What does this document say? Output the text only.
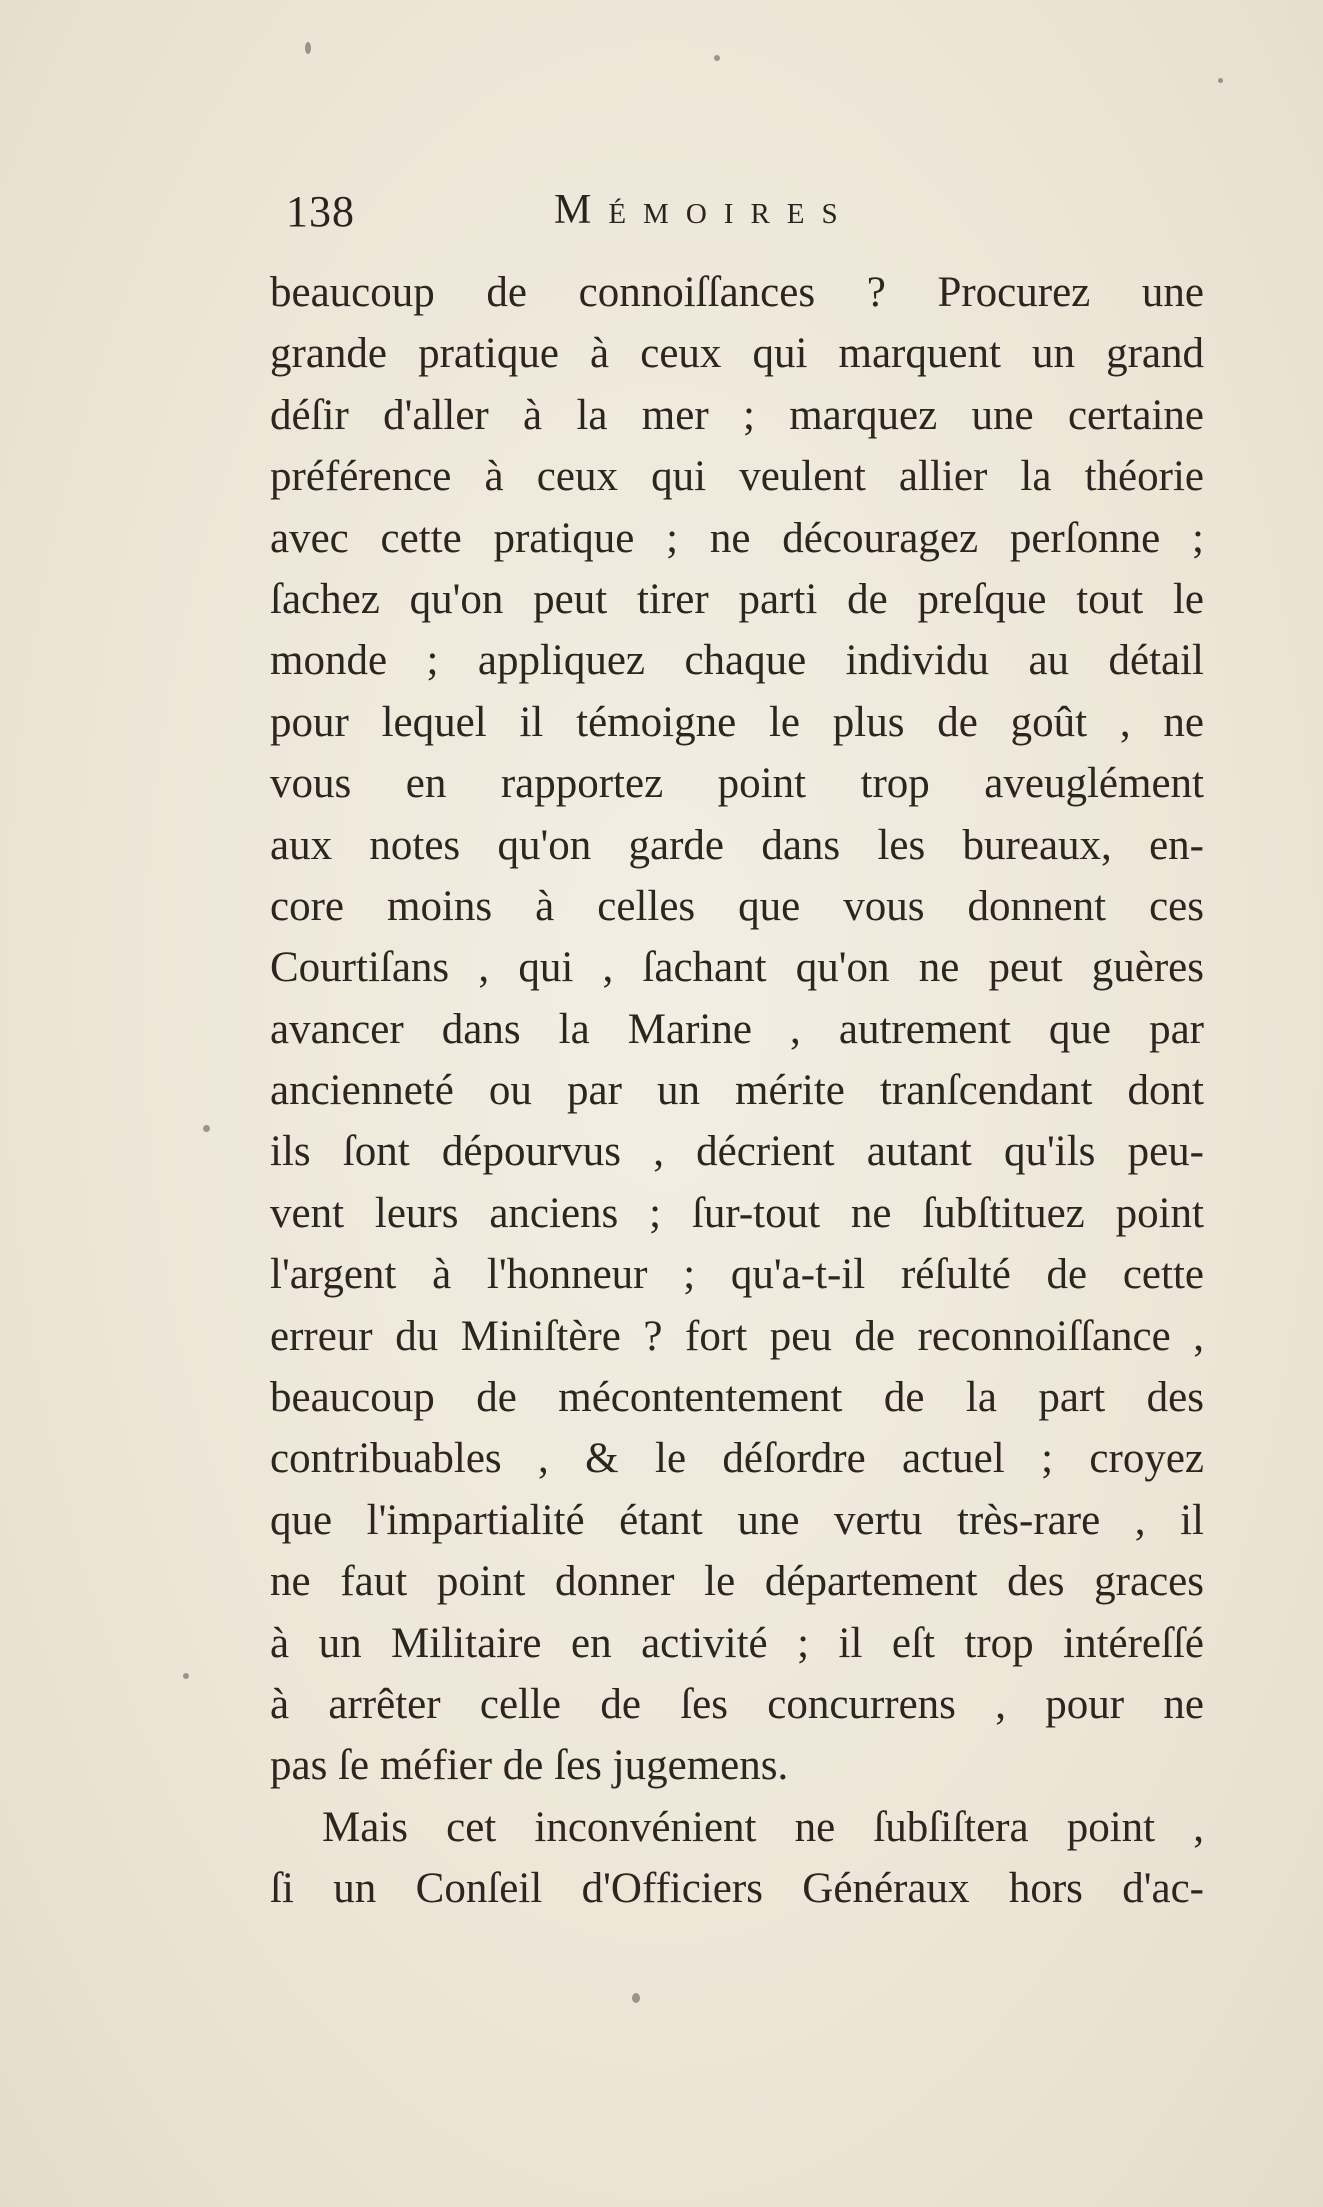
138	Mémoires
beaucoup de connoiſſances ? Procurez une
grande pratique à ceux qui marquent un grand
déſir d'aller à la mer ; marquez une certaine
préférence à ceux qui veulent allier la théorie
avec cette pratique ; ne découragez perſonne ;
ſachez qu'on peut tirer parti de preſque tout le
monde ; appliquez chaque individu au détail
pour lequel il témoigne le plus de goût , ne
vous en rapportez point trop aveuglément
aux notes qu'on garde dans les bureaux, en-
core moins à celles que vous donnent ces
Courtiſans , qui , ſachant qu'on ne peut guères
avancer dans la Marine , autrement que par
ancienneté ou par un mérite tranſcendant dont
ils ſont dépourvus , décrient autant qu'ils peu-
vent leurs anciens ; ſur-tout ne ſubſtituez point
l'argent à l'honneur ; qu'a-t-il réſulté de cette
erreur du Miniſtère ? fort peu de reconnoiſſance ,
beaucoup de mécontentement de la part des
contribuables , & le déſordre actuel ; croyez
que l'impartialité étant une vertu très-rare , il
ne faut point donner le département des graces
à un Militaire en activité ; il eſt trop intéreſſé
à arrêter celle de ſes concurrens , pour ne
pas ſe méfier de ſes jugemens.
Mais cet inconvénient ne ſubſiſtera point ,
ſi un Conſeil d'Officiers Généraux hors d'ac-
